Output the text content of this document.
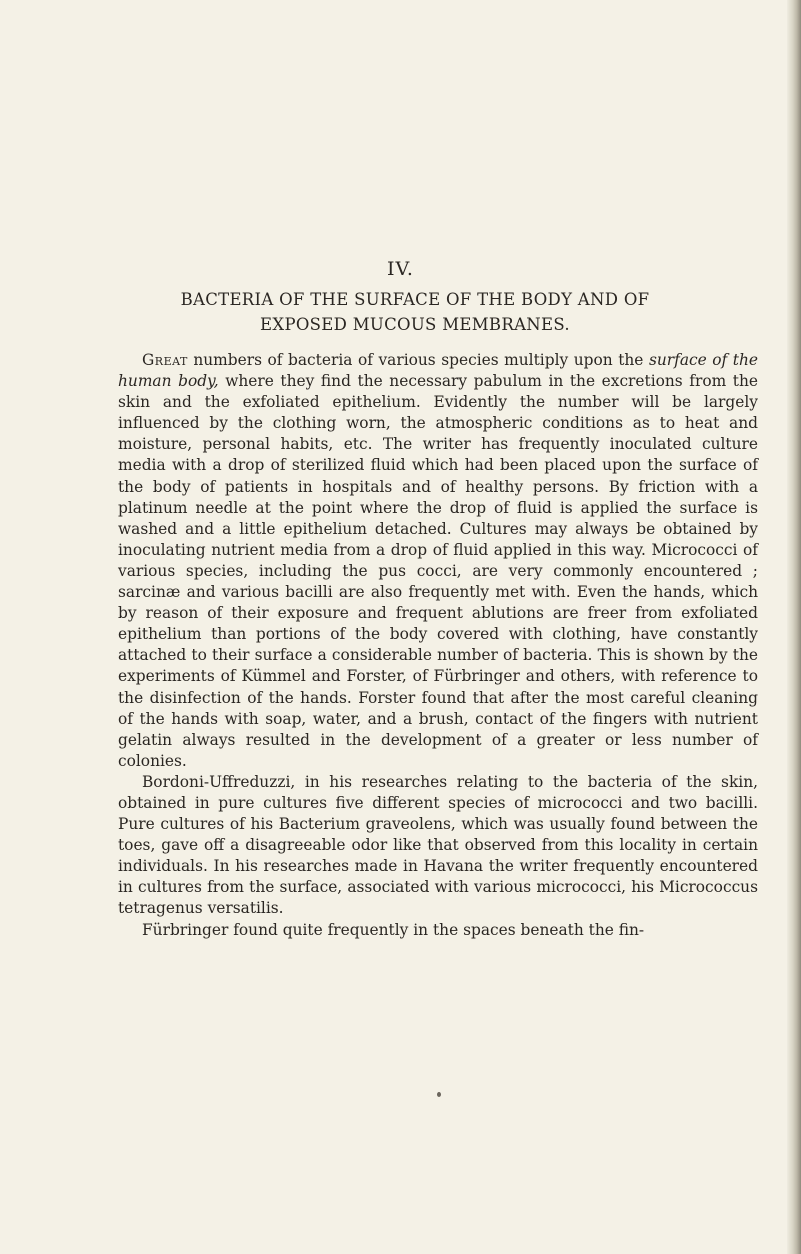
IV.
BACTERIA OF THE SURFACE OF THE BODY AND OF
EXPOSED MUCOUS MEMBRANES.

Great numbers of bacteria of various species multiply upon the surface of the human body, where they find the necessary pabulum in the excretions from the skin and the exfoliated epithelium. Evidently the number will be largely influenced by the clothing worn, the atmospheric conditions as to heat and moisture, personal habits, etc. The writer has frequently inoculated culture media with a drop of sterilized fluid which had been placed upon the surface of the body of patients in hospitals and of healthy persons. By friction with a platinum needle at the point where the drop of fluid is applied the surface is washed and a little epithelium detached. Cultures may always be obtained by inoculating nutrient media from a drop of fluid applied in this way. Micrococci of various species, including the pus cocci, are very commonly encountered ; sarcinæ and various bacilli are also frequently met with. Even the hands, which by reason of their exposure and frequent ablutions are freer from exfoliated epithelium than portions of the body covered with clothing, have constantly attached to their surface a considerable number of bacteria. This is shown by the experiments of Kümmel and Forster, of Fürbringer and others, with reference to the disinfection of the hands. Forster found that after the most careful cleaning of the hands with soap, water, and a brush, contact of the fingers with nutrient gelatin always resulted in the development of a greater or less number of colonies.

Bordoni-Uffreduzzi, in his researches relating to the bacteria of the skin, obtained in pure cultures five different species of micrococci and two bacilli. Pure cultures of his Bacterium graveolens, which was usually found between the toes, gave off a disagreeable odor like that observed from this locality in certain individuals. In his researches made in Havana the writer frequently encountered in cultures from the surface, associated with various micrococci, his Micrococcus tetragenus versatilis.

Fürbringer found quite frequently in the spaces beneath the fin-
